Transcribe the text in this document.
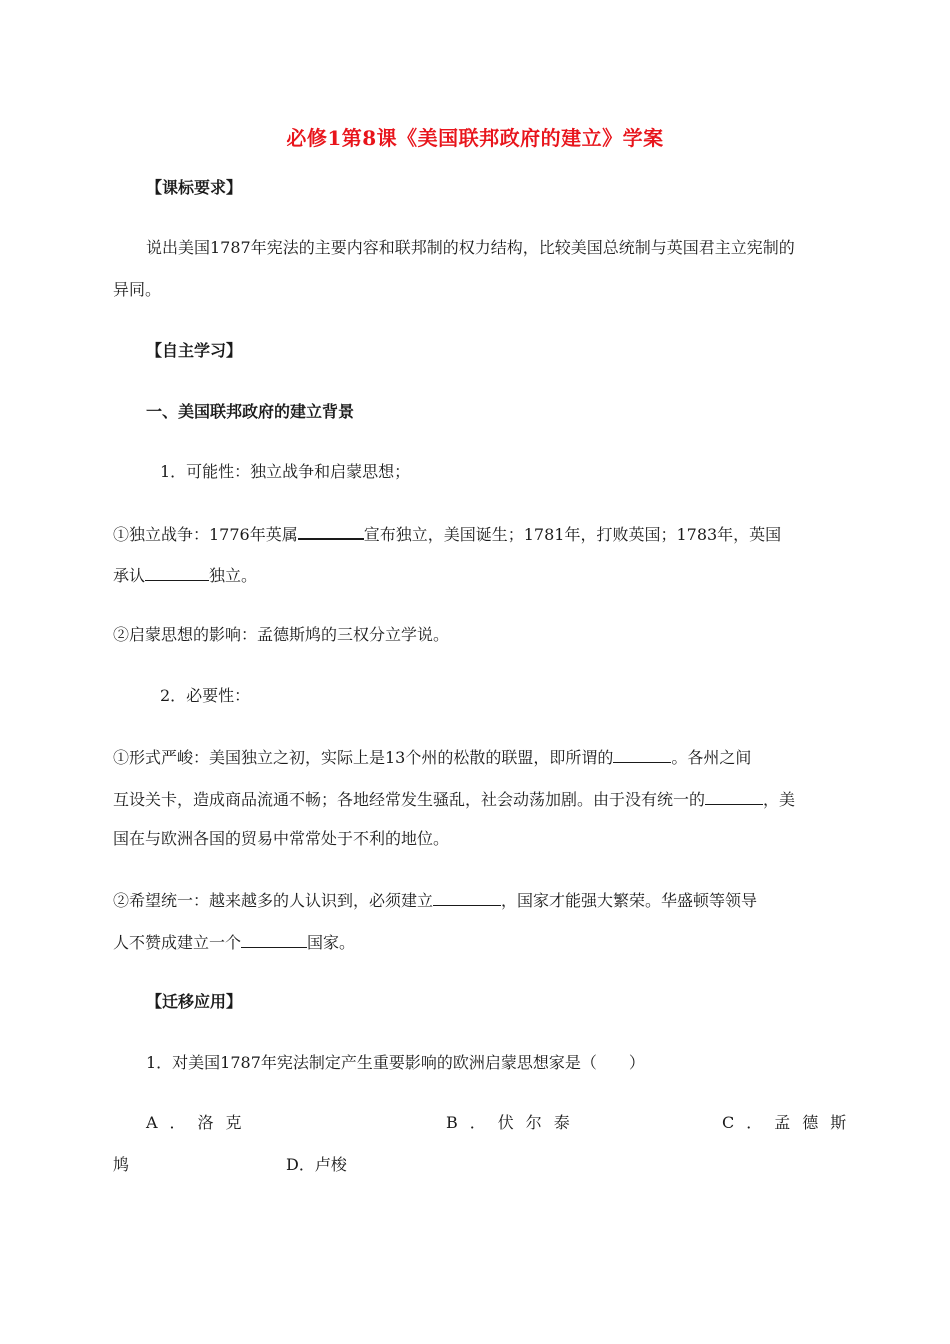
必修1第8课《美国联邦政府的建立》学案
【课标要求】
说出美国1787年宪法的主要内容和联邦制的权力结构，比较美国总统制与英国君主立宪制的
异同。
【自主学习】
一、美国联邦政府的建立背景
1．可能性：独立战争和启蒙思想；
①独立战争：1776年英属	宣布独立，美国诞生；1781年，打败英国；1783年，英国
承认	独立。
②启蒙思想的影响：孟德斯鸠的三权分立学说。
2．必要性：
①形式严峻：美国独立之初，实际上是13个州的松散的联盟，即所谓的	。各州之间
互设关卡，造成商品流通不畅；各地经常发生骚乱，社会动荡加剧。由于没有统一的	，美
国在与欧洲各国的贸易中常常处于不利的地位。
②希望统一：越来越多的人认识到，必须建立	，国家才能强大繁荣。华盛顿等领导
人不赞成建立一个	国家。
【迁移应用】
1．对美国1787年宪法制定产生重要影响的欧洲启蒙思想家是（　　）
A．洛克	B．伏尔泰	C．孟德斯
鸠	D．卢梭
